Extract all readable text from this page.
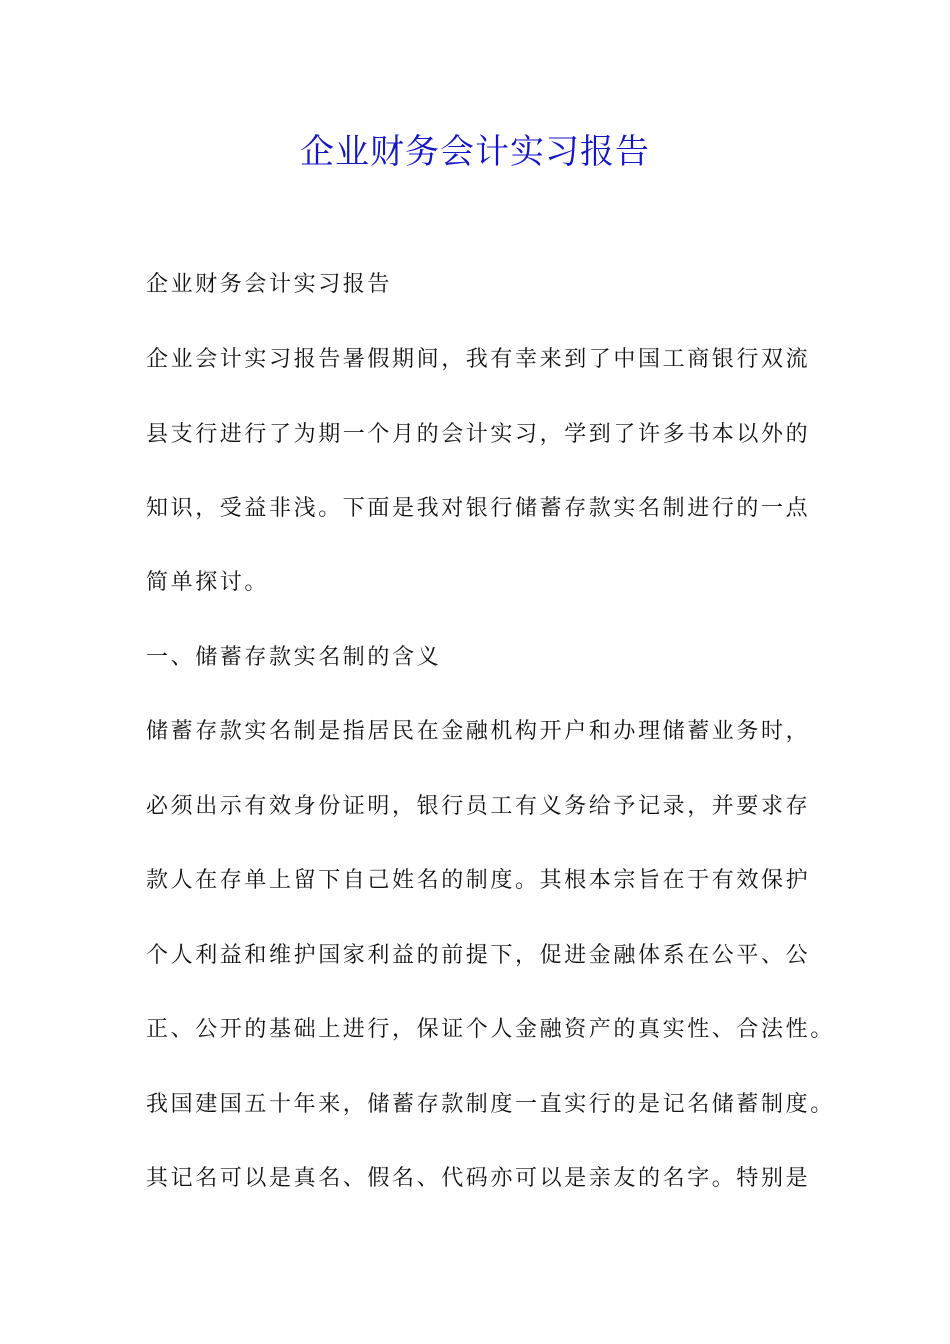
企业财务会计实习报告

企业财务会计实习报告

企业会计实习报告暑假期间，我有幸来到了中国工商银行双流

县支行进行了为期一个月的会计实习，学到了许多书本以外的

知识，受益非浅。下面是我对银行储蓄存款实名制进行的一点

简单探讨。

一、储蓄存款实名制的含义

储蓄存款实名制是指居民在金融机构开户和办理储蓄业务时，

必须出示有效身份证明，银行员工有义务给予记录，并要求存

款人在存单上留下自己姓名的制度。其根本宗旨在于有效保护

个人利益和维护国家利益的前提下，促进金融体系在公平、公

正、公开的基础上进行，保证个人金融资产的真实性、合法性。

我国建国五十年来，储蓄存款制度一直实行的是记名储蓄制度。

其记名可以是真名、假名、代码亦可以是亲友的名字。特别是
